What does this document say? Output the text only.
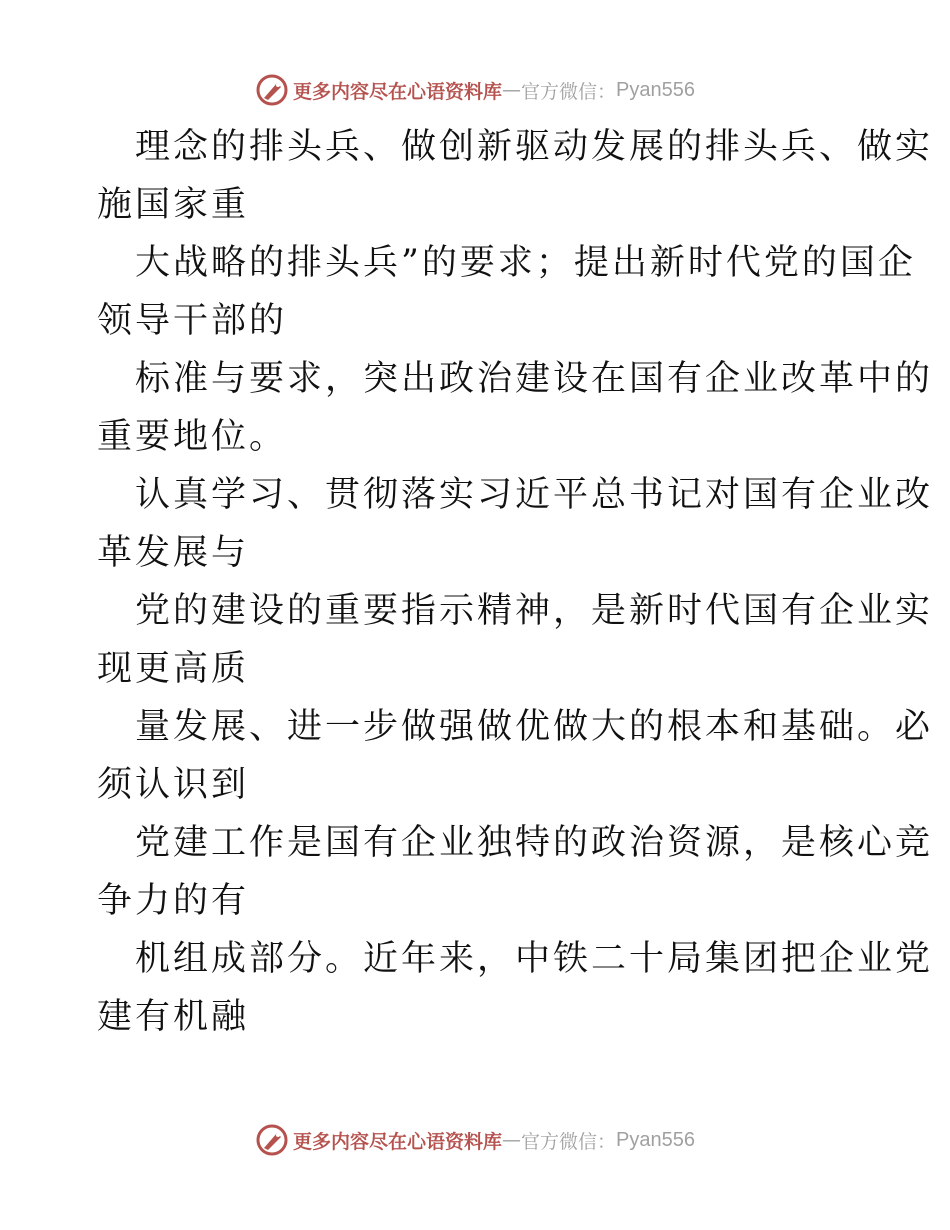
更多内容尽在心语资料库 — 官方微信： Pyan556
理念的排头兵、做创新驱动发展的排头兵、做实
施国家重
大战略的排头兵”的要求；提出新时代党的国企
领导干部的
标准与要求，突出政治建设在国有企业改革中的
重要地位。
认真学习、贯彻落实习近平总书记对国有企业改
革发展与
党的建设的重要指示精神，是新时代国有企业实
现更高质
量发展、进一步做强做优做大的根本和基础。必
须认识到
党建工作是国有企业独特的政治资源，是核心竞
争力的有
机组成部分。近年来，中铁二十局集团把企业党
建有机融
更多内容尽在心语资料库 — 官方微信： Pyan556
